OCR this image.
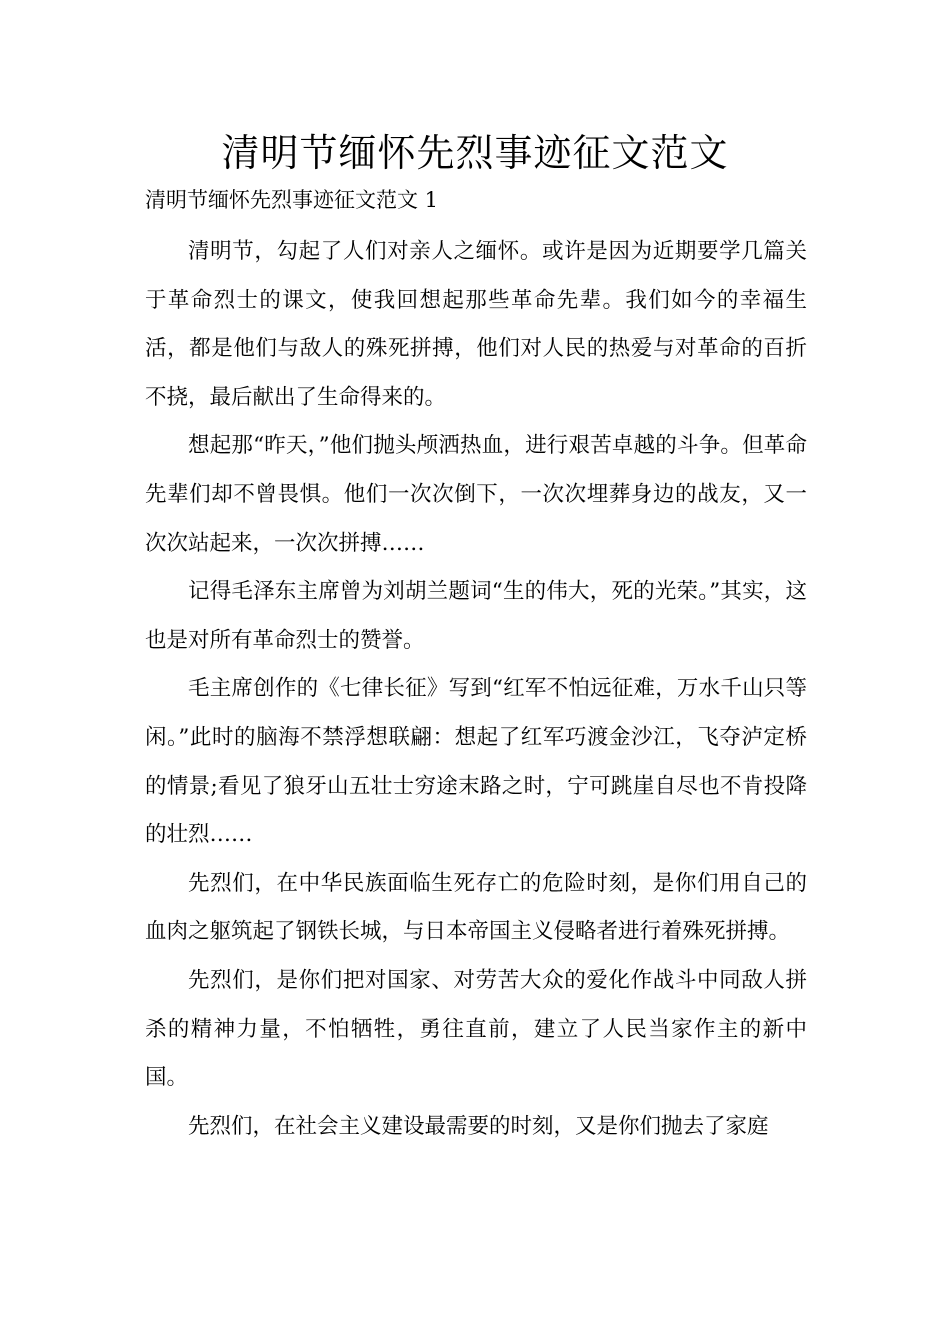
清明节缅怀先烈事迹征文范文
清明节缅怀先烈事迹征文范文 1

清明节，勾起了人们对亲人之缅怀。或许是因为近期要学几篇关于革命烈士的课文，使我回想起那些革命先辈。我们如今的幸福生活，都是他们与敌人的殊死拼搏，他们对人民的热爱与对革命的百折不挠，最后献出了生命得来的。

想起那“昨天，”他们抛头颅洒热血，进行艰苦卓越的斗争。但革命先辈们却不曾畏惧。他们一次次倒下，一次次埋葬身边的战友，又一次次站起来，一次次拼搏……

记得毛泽东主席曾为刘胡兰题词“生的伟大，死的光荣。”其实，这也是对所有革命烈士的赞誉。

毛主席创作的《七律长征》写到“红军不怕远征难，万水千山只等闲。”此时的脑海不禁浮想联翩：想起了红军巧渡金沙江，飞夺泸定桥的情景;看见了狼牙山五壮士穷途末路之时，宁可跳崖自尽也不肯投降的壮烈……

先烈们，在中华民族面临生死存亡的危险时刻，是你们用自己的血肉之躯筑起了钢铁长城，与日本帝国主义侵略者进行着殊死拼搏。

先烈们，是你们把对国家、对劳苦大众的爱化作战斗中同敌人拼杀的精神力量，不怕牺牲，勇往直前，建立了人民当家作主的新中国。

先烈们，在社会主义建设最需要的时刻，又是你们抛去了家庭
